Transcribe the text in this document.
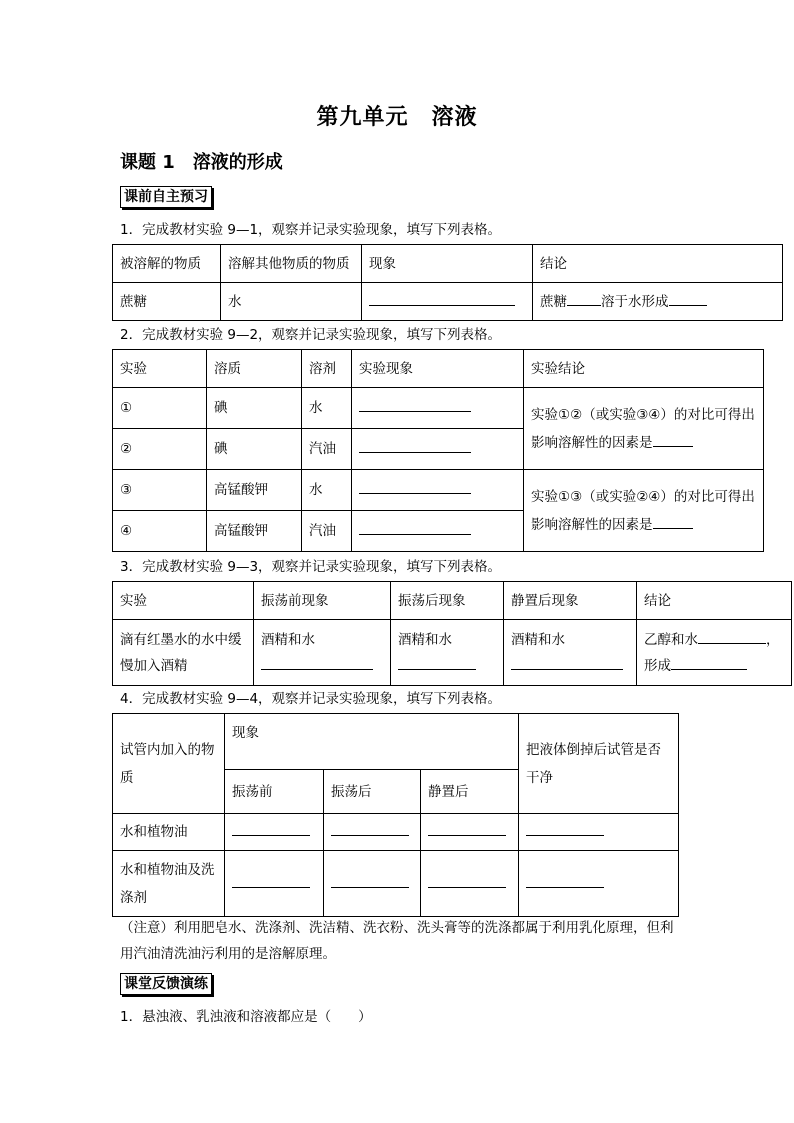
第九单元　溶液
课题 1　溶液的形成
课前自主预习
1．完成教材实验 9—1，观察并记录实验现象，填写下列表格。
被溶解的物质	溶解其他物质的物质	现象	结论
蔗糖	水		蔗糖 溶于水形成
2．完成教材实验 9—2，观察并记录实验现象，填写下列表格。
实验	溶质	溶剂	实验现象	实验结论
①	碘	水		实验①②（或实验③④）的对比可得出影响溶解性的因素是
②	碘	汽油		
③	高锰酸钾	水		实验①③（或实验②④）的对比可得出影响溶解性的因素是
④	高锰酸钾	汽油		
3．完成教材实验 9—3，观察并记录实验现象，填写下列表格。
实验	振荡前现象	振荡后现象	静置后现象	结论
滴有红墨水的水中缓慢加入酒精	酒精和水	酒精和水	酒精和水	乙醇和水 ，
形成
4．完成教材实验 9—4，观察并记录实验现象，填写下列表格。
试管内加入的物质	现象			把液体倒掉后试管是否干净
	振荡前	振荡后	静置后	
水和植物油				
水和植物油及洗涤剂				
（注意）利用肥皂水、洗涤剂、洗洁精、洗衣粉、洗头膏等的洗涤都属于利用乳化原理，但利用汽油清洗油污利用的是溶解原理。
课堂反馈演练
1．悬浊液、乳浊液和溶液都应是（　　）
